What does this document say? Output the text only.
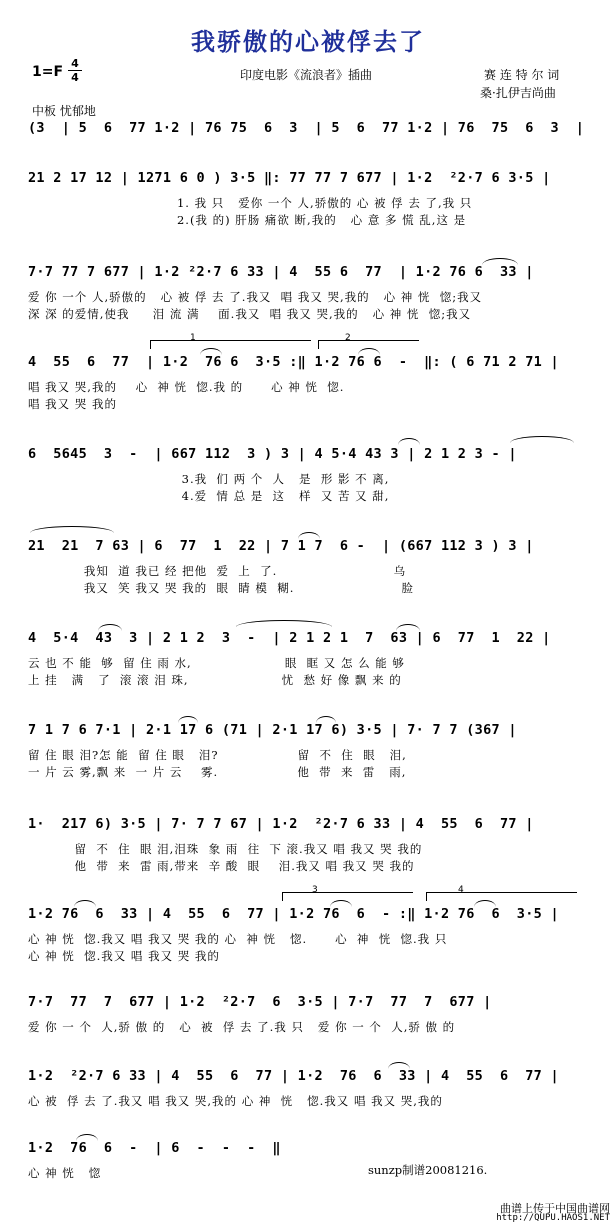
我骄傲的心被俘去了
1=F
4
4	印度电影《流浪者》插曲	赛 连 特 尔 词
桑·扎伊吉尚曲
中板 忧郁地
(3  | 5  6  77 1·2 | 76 75  6  3  | 5  6  77 1·2 | 76  75  6  3  |
21 2 17 12 | 1271 6 0 ) 3·5 ‖: 77 77 7 677 | 1·2  ²2·7 6 3·5 |
1. 我 只   爱你 一个 人,骄傲的 心 被 俘 去 了,我 只
2.(我 的) 肝肠 痛欲 断,我的   心 意 多 慌 乱,这 是
7·7 77 7 677 | 1·2 ²2·7 6 33 | 4  55 6  77  | 1·2 76 6  33 |
爱 你 一个 人,骄傲的   心 被 俘 去 了.我又  唱 我又 哭,我的   心 神 恍  惚;我又
深 深 的爱情,使我     泪 流 满    面.我又  唱 我又 哭,我的   心 神 恍  惚;我又
1	2
4  55  6  77  | 1·2  76 6  3·5 :‖ 1·2 76 6  -  ‖: ( 6 71 2 71 |
唱 我又 哭,我的    心  神 恍  惚.我 的      心 神 恍  惚.
唱 我又 哭 我的
6  5645  3  -  | 667 112  3 ) 3 | 4 5·4 43 3 | 2 1 2 3 - |
3.我  们 两 个  人   是  形 影 不 离,
4.爱  情 总 是  这   样  又 苦 又 甜,
21  21  7 63 | 6  77  1  22 | 7 1 7  6 -  | (667 112 3 ) 3 |
我知  道 我已 经 把他  爱  上  了.                         乌
我又  笑 我又 哭 我的  眼  睛 模  糊.                       脸
4  5·4  43  3 | 2 1 2  3  -  | 2 1 2 1  7  63 | 6  77  1  22 |
云 也 不 能  够  留 住 雨 水,                    眼  眶 又 怎 么 能 够
上 挂   满   了  滚 滚 泪 珠,                    忧  愁 好 像 飘 来 的
7 1 7 6 7·1 | 2·1 17 6 (71 | 2·1 17 6) 3·5 | 7· 7 7 (367 |
留 住 眼 泪?怎 能  留 住 眼   泪?                 留  不  住  眼   泪,
一 片 云 雾,飘 来  一 片 云    雾.                 他  带  来  雷   雨,
1·  217 6) 3·5 | 7· 7 7 67 | 1·2  ²2·7 6 33 | 4  55  6  77 |
留  不  住  眼 泪,泪珠  象 雨  往  下 滚.我又 唱 我又 哭 我的
他  带  来  雷 雨,带来  辛 酸  眼    泪.我又 唱 我又 哭 我的
3	4
1·2 76  6  33 | 4  55  6  77 | 1·2 76  6  - :‖ 1·2 76  6  3·5 |
心 神 恍  惚.我又 唱 我又 哭 我的 心  神 恍   惚.      心  神  恍  惚.我 只
心 神 恍  惚.我又 唱 我又 哭 我的
7·7  77  7  677 | 1·2  ²2·7  6  3·5 | 7·7  77  7  677 |
爱 你 一 个  人,骄 傲 的   心  被  俘 去 了.我 只   爱 你 一 个  人,骄 傲 的
1·2  ²2·7 6 33 | 4  55  6  77 | 1·2  76  6  33 | 4  55  6  77 |
心 被  俘 去 了.我又 唱 我又 哭,我的 心 神  恍   惚.我又 唱 我又 哭,我的
1·2  76  6  -  | 6  -  -  -  ‖
心 神 恍   惚	sunzp制谱20081216.
曲谱上传于中国曲谱网
http://QUPU.HAOS1.NET
